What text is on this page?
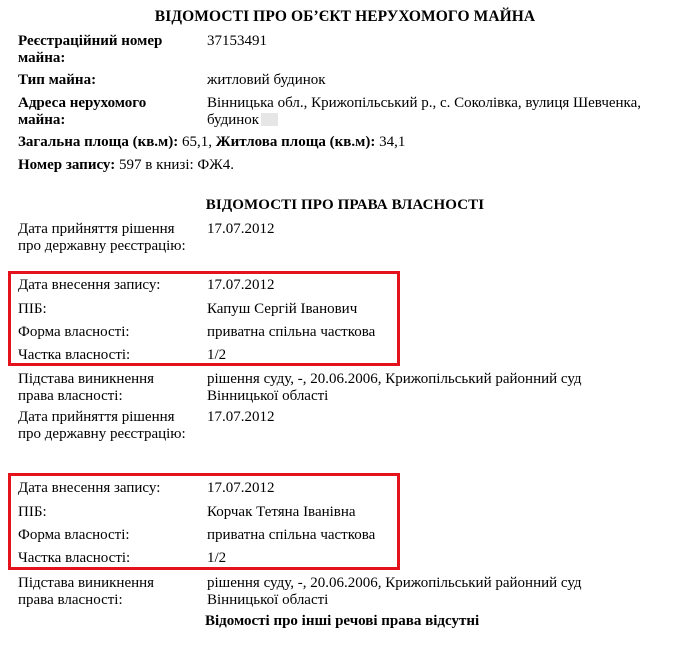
ВІДОМОСТІ ПРО ОБ’ЄКТ НЕРУХОМОГО МАЙНА
Реєстраційний номер майна:
37153491
Тип майна:	житловий будинок
Адреса нерухомого майна:
Вінницька обл., Крижопільський р., с. Соколівка, вулиця Шевченка, будинок
Загальна площа (кв.м): 65,1, Житлова площа (кв.м): 34,1
Номер запису: 597 в книзі: ФЖ4.
ВІДОМОСТІ ПРО ПРАВА ВЛАСНОСТІ
Дата прийняття рішення про державну реєстрацію:
17.07.2012
Дата внесення запису:	17.07.2012
ПІБ:	Капуш Сергій Іванович
Форма власності:	приватна спільна часткова
Частка власності:	1/2
Підстава виникнення права власності:
рішення суду, -, 20.06.2006, Крижопільський районний суд Вінницької області
Дата прийняття рішення про державну реєстрацію:
17.07.2012
Дата внесення запису:	17.07.2012
ПІБ:	Корчак Тетяна Іванівна
Форма власності:	приватна спільна часткова
Частка власності:	1/2
Підстава виникнення права власності:
рішення суду, -, 20.06.2006, Крижопільський районний суд Вінницької області
Відомості про інші речові права відсутні
